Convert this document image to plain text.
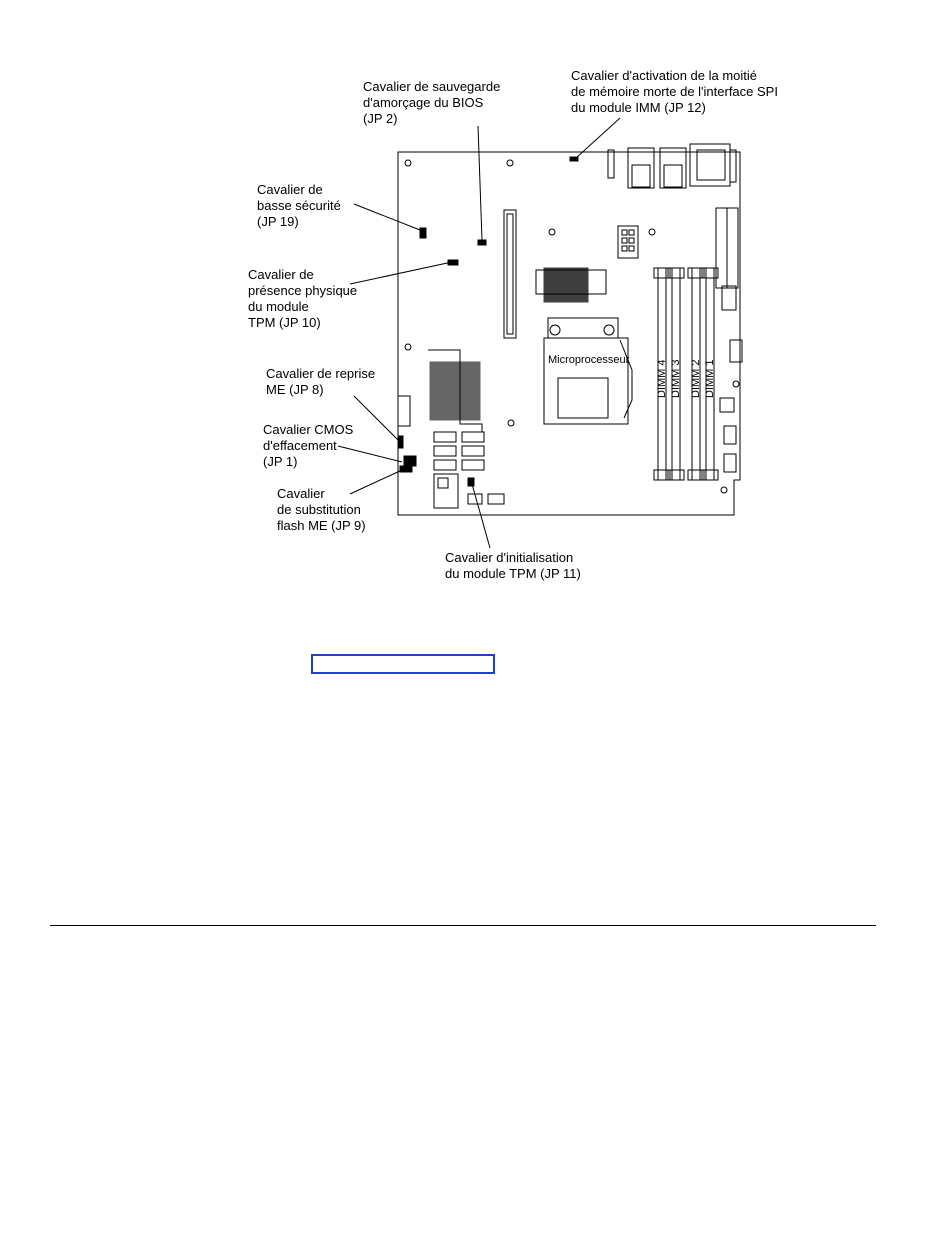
Cavalier de sauvegarde
d'amorçage du BIOS
(JP 2)
Cavalier d'activation de la moitié
de mémoire morte de l'interface SPI
du module IMM (JP 12)
Cavalier de
basse sécurité
(JP 19)
Cavalier de
présence physique
du module
TPM (JP 10)
Cavalier de reprise
ME (JP 8)
Cavalier CMOS
d'effacement
(JP 1)
Cavalier
de substitution
flash ME (JP 9)
Cavalier d'initialisation
du module TPM (JP 11)
Microprocesseur DIMM 4 DIMM 3 DIMM 2 DIMM 1
